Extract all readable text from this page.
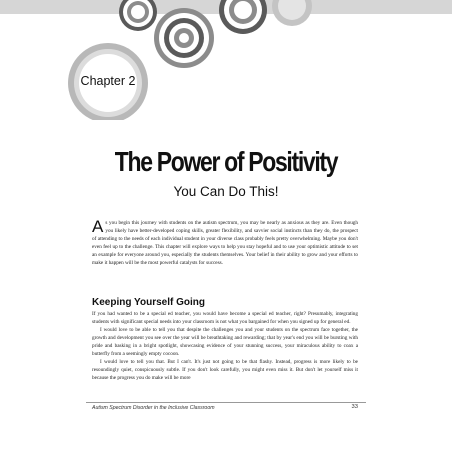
Chapter 2
The Power of Positivity
You Can Do This!

As you begin this journey with students on the autism spectrum, you may be nearly as anxious as they are. Even though you likely have better-developed coping skills, greater flexibility, and savvier social instincts than they do, the prospect of attending to the needs of each individual student in your diverse class probably feels pretty overwhelming. Maybe you don't even feel up to the challenge. This chapter will explore ways to help you stay hopeful and to use your optimistic attitude to set an example for everyone around you, especially the students themselves. Your belief in their ability to grow and your efforts to make it happen will be the most powerful catalysts for success.

Keeping Yourself Going

If you had wanted to be a special ed teacher, you would have become a special ed teacher, right? Presumably, integrating students with significant special needs into your classroom is not what you bargained for when you signed up for general ed.

I would love to be able to tell you that despite the challenges you and your students on the spectrum face together, the growth and development you see over the year will be breathtaking and rewarding; that by year's end you will be bursting with pride and basking in a bright spotlight, showcasing evidence of your stunning success, your miraculous ability to coax a butterfly from a seemingly empty cocoon.

I would love to tell you that. But I can't. It's just not going to be that flashy. Instead, progress is more likely to be resoundingly quiet, conspicuously subtle. If you don't look carefully, you might even miss it. But don't let yourself miss it because the progress you do make will be more

Autism Spectrum Disorder in the Inclusive Classroom	33
